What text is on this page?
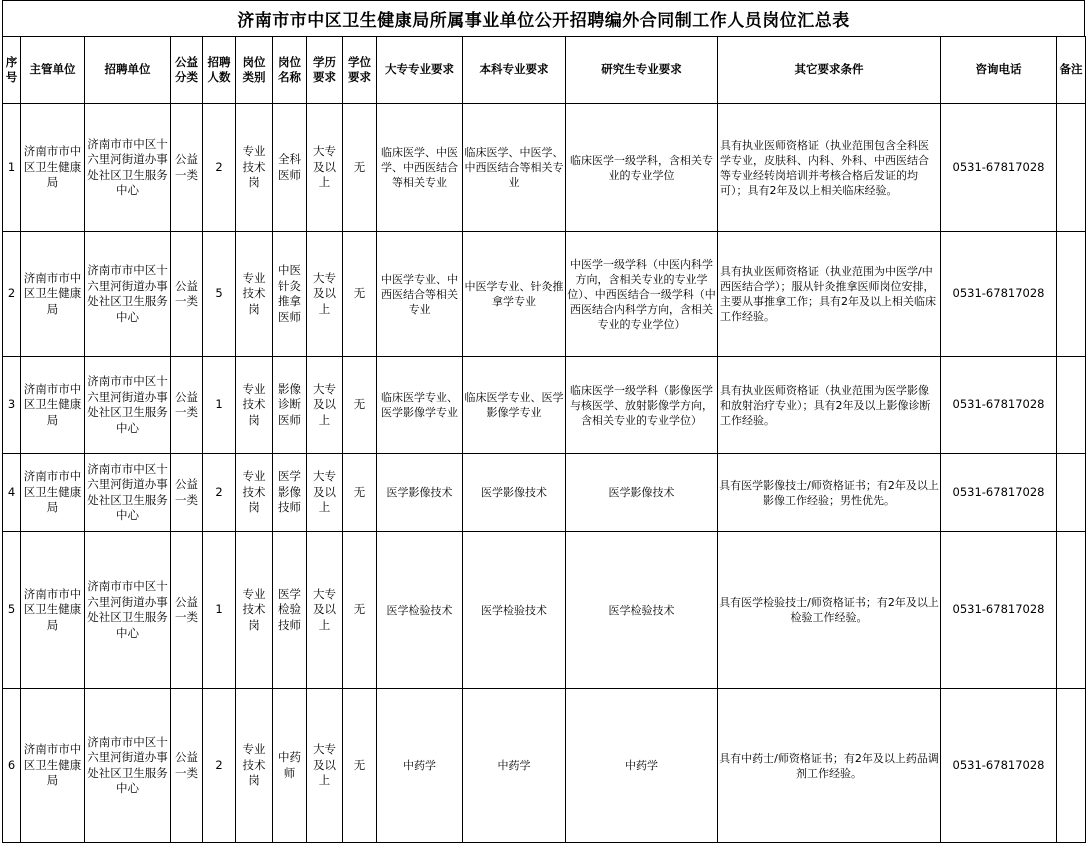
济南市市中区卫生健康局所属事业单位公开招聘编外合同制工作人员岗位汇总表
序号	主管单位	招聘单位	公益分类	招聘人数	岗位类别	岗位名称	学历要求	学位要求	大专专业要求	本科专业要求	研究生专业要求	其它要求条件	咨询电话	备注
1	济南市市中区卫生健康局	济南市市中区十六里河街道办事处社区卫生服务中心	公益一类	2	专业技术岗	全科医师	大专及以上	无	临床医学、中医学、中西医结合等相关专业	临床医学、中医学、中西医结合等相关专业	临床医学一级学科，含相关专业的专业学位	具有执业医师资格证（执业范围包含全科医学专业，皮肤科、内科、外科、中西医结合等专业经转岗培训并考核合格后发证的均可）；具有2年及以上相关临床经验。	0531-67817028	
2	济南市市中区卫生健康局	济南市市中区十六里河街道办事处社区卫生服务中心	公益一类	5	专业技术岗	中医针灸推拿医师	大专及以上	无	中医学专业、中西医结合等相关专业	中医学专业、针灸推拿学专业	中医学一级学科（中医内科学方向，含相关专业的专业学位）、中西医结合一级学科（中西医结合内科学方向，含相关专业的专业学位）	具有执业医师资格证（执业范围为中医学/中西医结合学）；服从针灸推拿医师岗位安排，主要从事推拿工作；具有2年及以上相关临床工作经验。	0531-67817028	
3	济南市市中区卫生健康局	济南市市中区十六里河街道办事处社区卫生服务中心	公益一类	1	专业技术岗	影像诊断医师	大专及以上	无	临床医学专业、医学影像学专业	临床医学专业、医学影像学专业	临床医学一级学科（影像医学与核医学、放射影像学方向，含相关专业的专业学位）	具有执业医师资格证（执业范围为医学影像和放射治疗专业）；具有2年及以上影像诊断工作经验。	0531-67817028	
4	济南市市中区卫生健康局	济南市市中区十六里河街道办事处社区卫生服务中心	公益一类	2	专业技术岗	医学影像技师	大专及以上	无	医学影像技术	医学影像技术	医学影像技术	具有医学影像技士/师资格证书；有2年及以上影像工作经验；男性优先。	0531-67817028	
5	济南市市中区卫生健康局	济南市市中区十六里河街道办事处社区卫生服务中心	公益一类	1	专业技术岗	医学检验技师	大专及以上	无	医学检验技术	医学检验技术	医学检验技术	具有医学检验技士/师资格证书；有2年及以上检验工作经验。	0531-67817028	
6	济南市市中区卫生健康局	济南市市中区十六里河街道办事处社区卫生服务中心	公益一类	2	专业技术岗	中药师	大专及以上	无	中药学	中药学	中药学	具有中药士/师资格证书；有2年及以上药品调剂工作经验。	0531-67817028	
